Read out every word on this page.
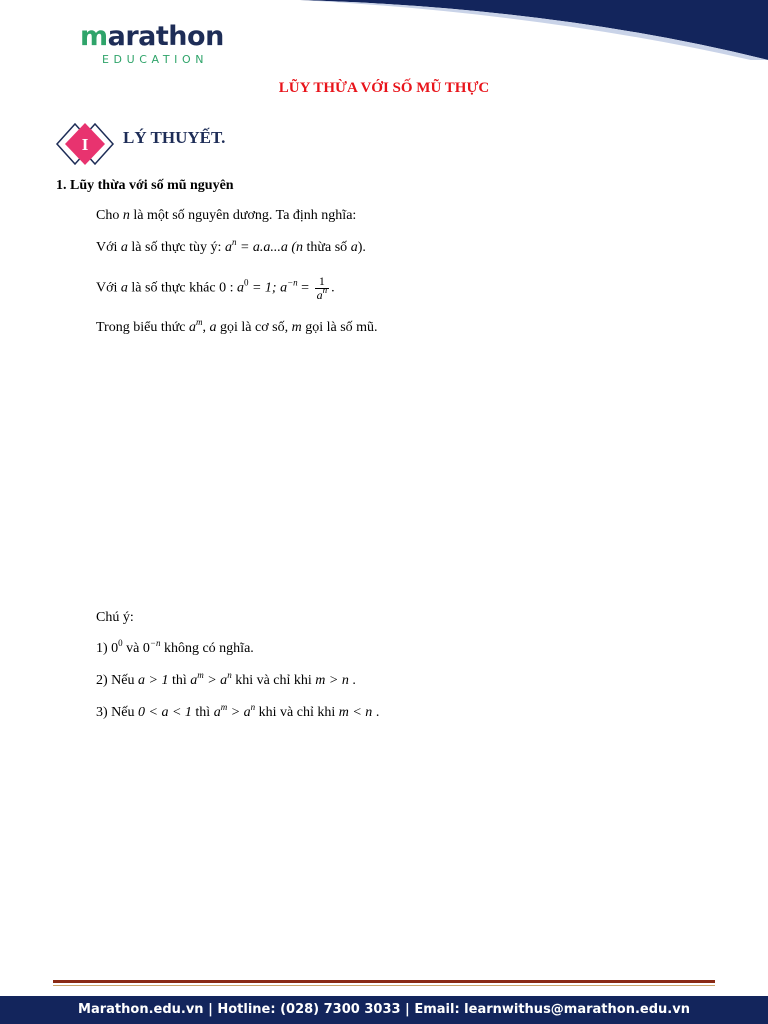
marathon
EDUCATION
LŨY THỪA VỚI SỐ MŨ THỰC
I LÝ THUYẾT.
1. Lũy thừa với số mũ nguyên
Cho n là một số nguyên dương. Ta định nghĩa:
Với a là số thực tùy ý: $a^n = a.a...a$ (n thừa số a).
Với a là số thực khác 0 : $a^0 = 1$; $a^{-n} = \frac{1}{a^n}$ .
Trong biểu thức $a^m$, a gọi là cơ số, m gọi là số mũ.
Chú ý:
1) $0^0$ và $0^{-n}$ không có nghĩa.
2) Nếu a > 1 thì $a^m > a^n$ khi và chỉ khi m > n .
3) Nếu 0 < a < 1 thì $a^m > a^n$ khi và chỉ khi m < n .
Marathon.edu.vn | Hotline: (028) 7300 3033 | Email: learnwithus@marathon.edu.vn
